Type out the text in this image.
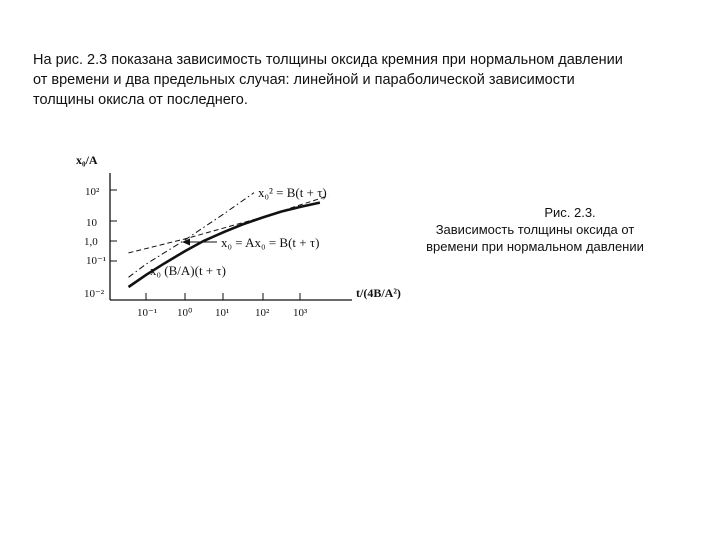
На рис. 2.3 показана зависимость толщины оксида кремния при нормальном давлении
от времени и два предельных случая: линейной и параболической зависимости
толщины окисла от последнего.
x₀/A
t/(4B/A²)
10²
10
1,0
10⁻¹
10⁻²
10⁻¹ 10⁰ 10¹ 10² 10³
x₀² = B(t + τ)
x₀ = Ax₀ = B(t + τ)
x₀ (B/A)(t + τ)
Рис. 2.3.
Зависимость толщины оксида от
времени при нормальном давлении
